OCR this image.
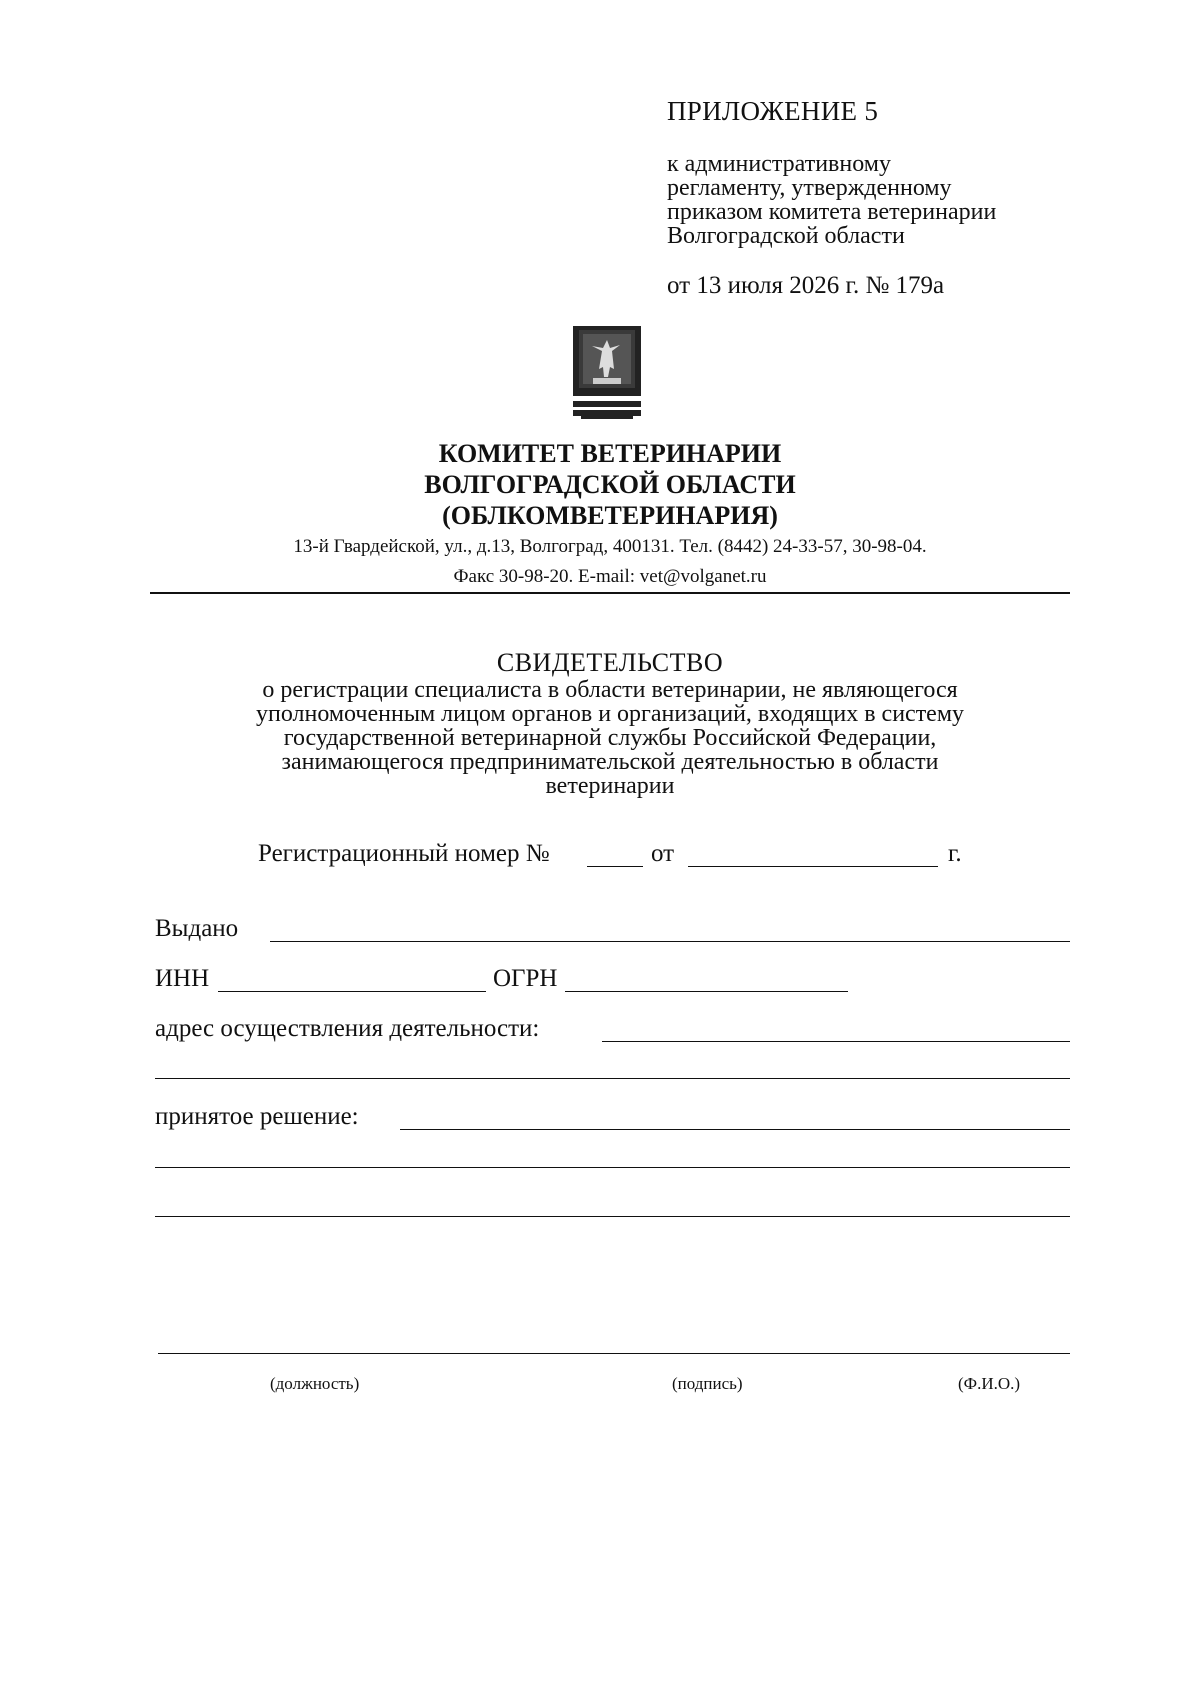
ПРИЛОЖЕНИЕ 5
к административному
регламенту, утвержденному
приказом комитета ветеринарии
Волгоградской области
от 13 июля 2026 г. № 179а
КОМИТЕТ ВЕТЕРИНАРИИ
ВОЛГОГРАДСКОЙ ОБЛАСТИ
(ОБЛКОМВЕТЕРИНАРИЯ)
13-й Гвардейской, ул., д.13, Волгоград, 400131. Тел. (8442) 24-33-57, 30-98-04.
Факс 30-98-20. E-mail: vet@volganet.ru
СВИДЕТЕЛЬСТВО
о регистрации специалиста в области ветеринарии, не являющегося
уполномоченным лицом органов и организаций, входящих в систему
государственной ветеринарной службы Российской Федерации,
занимающегося предпринимательской деятельностью в области
ветеринарии
Регистрационный номер №	от	г.
Выдано
ИНН	ОГРН
адрес осуществления деятельности:
принятое решение:
(должность)	(подпись)	(Ф.И.О.)
